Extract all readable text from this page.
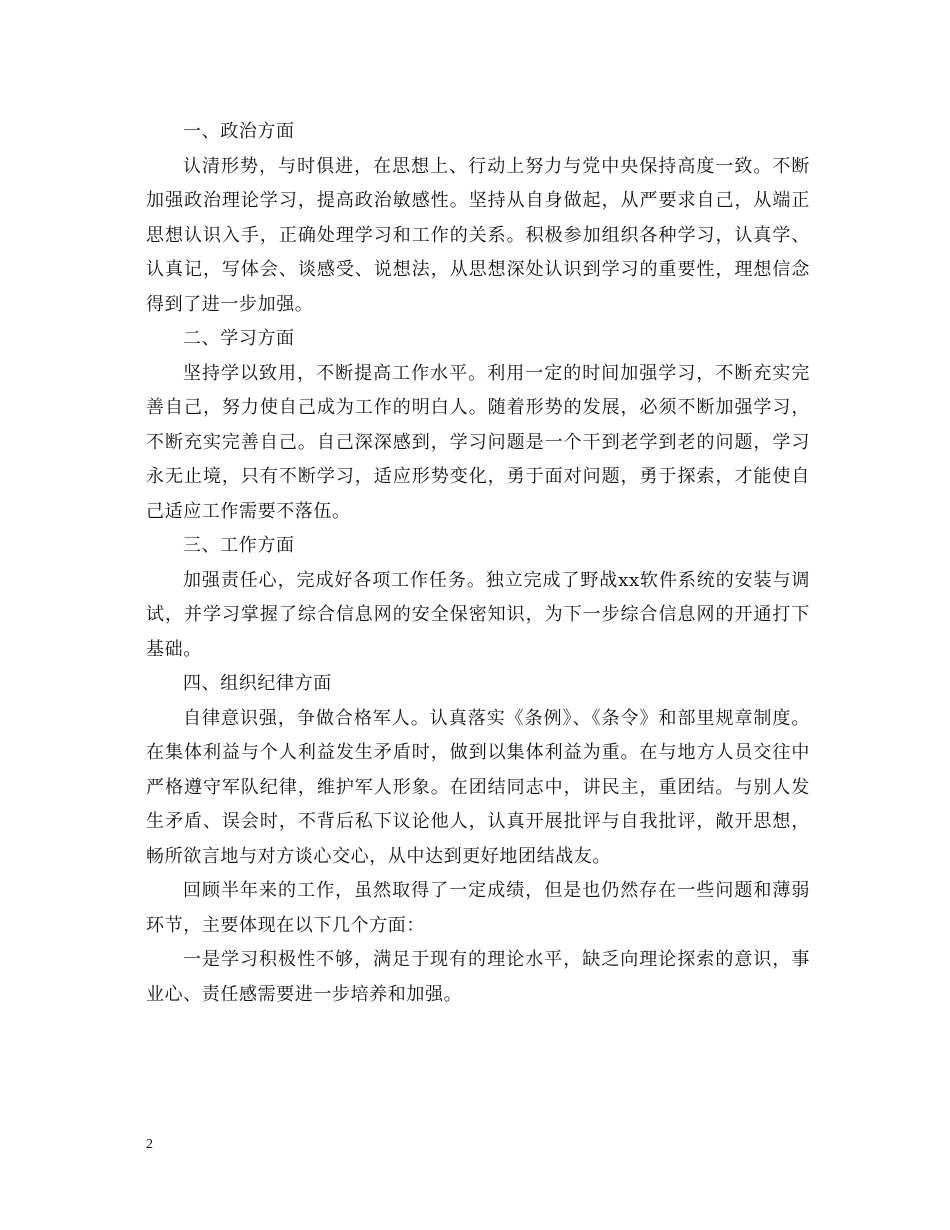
一、政治方面

认清形势，与时俱进，在思想上、行动上努力与党中央保持高度一致。不断加强政治理论学习，提高政治敏感性。坚持从自身做起，从严要求自己，从端正思想认识入手，正确处理学习和工作的关系。积极参加组织各种学习，认真学、认真记，写体会、谈感受、说想法，从思想深处认识到学习的重要性，理想信念得到了进一步加强。

二、学习方面

坚持学以致用，不断提高工作水平。利用一定的时间加强学习，不断充实完善自己，努力使自己成为工作的明白人。随着形势的发展，必须不断加强学习，不断充实完善自己。自己深深感到，学习问题是一个干到老学到老的问题，学习永无止境，只有不断学习，适应形势变化，勇于面对问题，勇于探索，才能使自己适应工作需要不落伍。

三、工作方面

加强责任心，完成好各项工作任务。独立完成了野战xx软件系统的安装与调试，并学习掌握了综合信息网的安全保密知识，为下一步综合信息网的开通打下基础。

四、组织纪律方面

自律意识强，争做合格军人。认真落实《条例》、《条令》和部里规章制度。在集体利益与个人利益发生矛盾时，做到以集体利益为重。在与地方人员交往中严格遵守军队纪律，维护军人形象。在团结同志中，讲民主，重团结。与别人发生矛盾、误会时，不背后私下议论他人，认真开展批评与自我批评，敞开思想，畅所欲言地与对方谈心交心，从中达到更好地团结战友。

回顾半年来的工作，虽然取得了一定成绩，但是也仍然存在一些问题和薄弱环节，主要体现在以下几个方面：

一是学习积极性不够，满足于现有的理论水平，缺乏向理论探索的意识，事业心、责任感需要进一步培养和加强。

2
